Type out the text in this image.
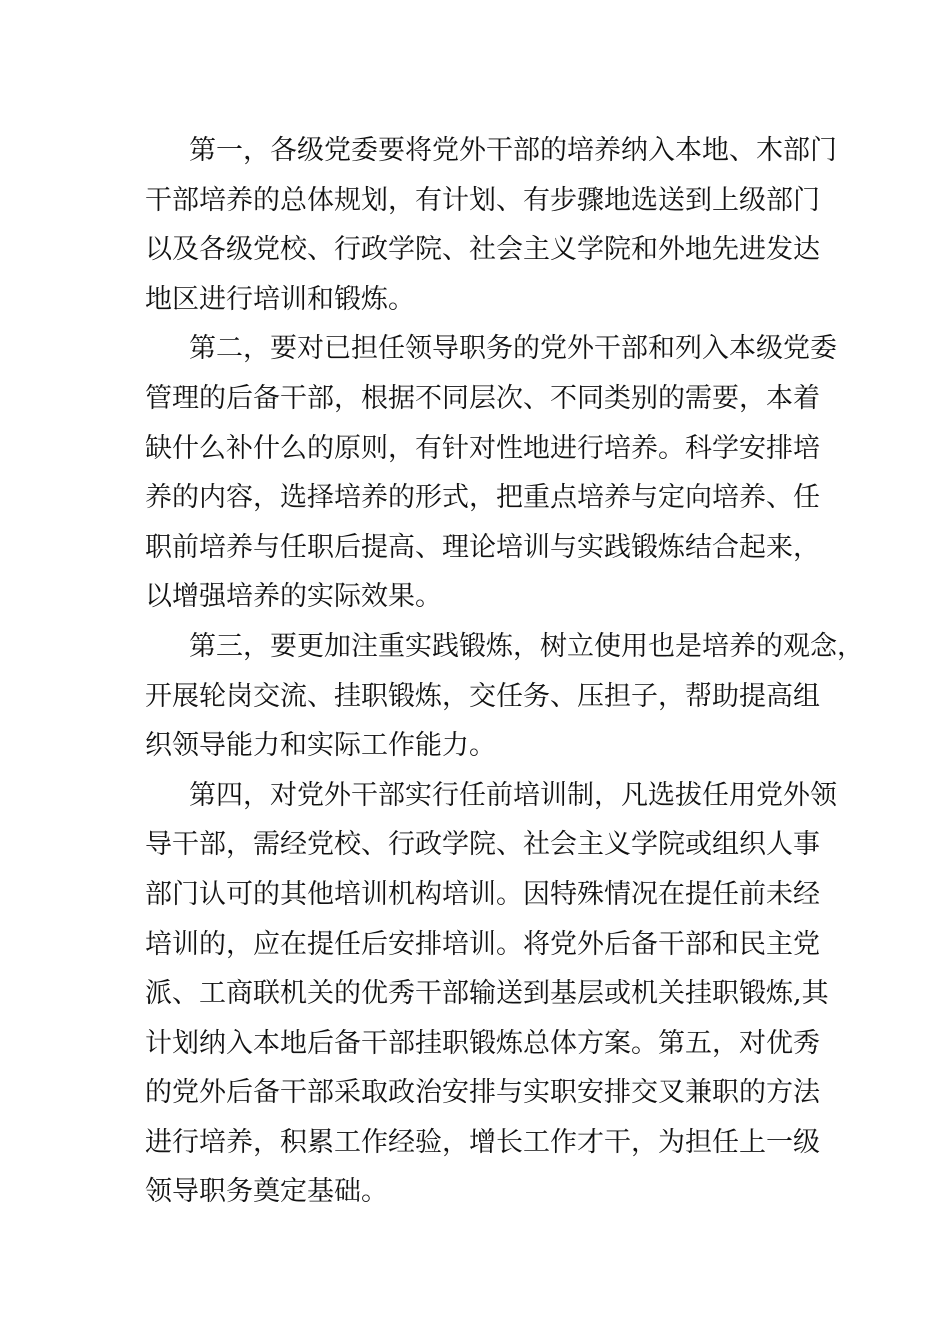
第一，各级党委要将党外干部的培养纳入本地、木部门
干部培养的总体规划，有计划、有步骤地选送到上级部门
以及各级党校、行政学院、社会主义学院和外地先进发达
地区进行培训和锻炼。
第二，要对已担任领导职务的党外干部和列入本级党委
管理的后备干部，根据不同层次、不同类别的需要，本着
缺什么补什么的原则，有针对性地进行培养。科学安排培
养的内容，选择培养的形式，把重点培养与定向培养、任
职前培养与任职后提高、理论培训与实践锻炼结合起来，
以增强培养的实际效果。
第三，要更加注重实践锻炼，树立使用也是培养的观念，
开展轮岗交流、挂职锻炼，交任务、压担子，帮助提高组
织领导能力和实际工作能力。
第四，对党外干部实行任前培训制，凡选拔任用党外领
导干部，需经党校、行政学院、社会主义学院或组织人事
部门认可的其他培训机构培训。因特殊情况在提任前未经
培训的，应在提任后安排培训。将党外后备干部和民主党
派、工商联机关的优秀干部输送到基层或机关挂职锻炼,其
计划纳入本地后备干部挂职锻炼总体方案。第五，对优秀
的党外后备干部采取政治安排与实职安排交叉兼职的方法
进行培养，积累工作经验，增长工作才干，为担任上一级
领导职务奠定基础。
